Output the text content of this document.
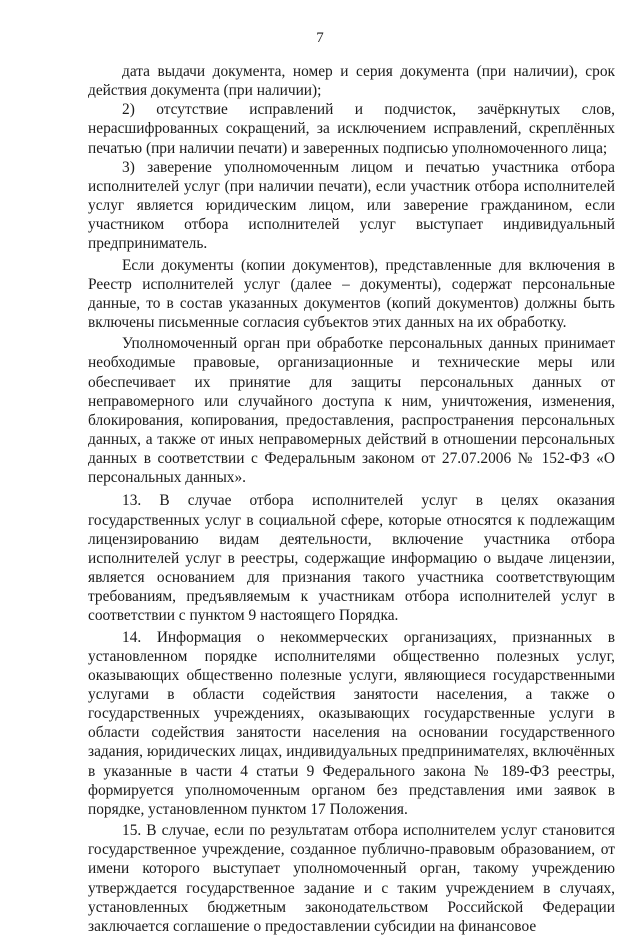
7

дата выдачи документа, номер и серия документа (при наличии), срок действия документа (при наличии);

2) отсутствие исправлений и подчисток, зачёркнутых слов, нерасшифрованных сокращений, за исключением исправлений, скреплённых печатью (при наличии печати) и заверенных подписью уполномоченного лица;

3) заверение уполномоченным лицом и печатью участника отбора исполнителей услуг (при наличии печати), если участник отбора исполнителей услуг является юридическим лицом, или заверение гражданином, если участником отбора исполнителей услуг выступает индивидуальный предприниматель.

Если документы (копии документов), представленные для включения в Реестр исполнителей услуг (далее – документы), содержат персональные данные, то в состав указанных документов (копий документов) должны быть включены письменные согласия субъектов этих данных на их обработку.

Уполномоченный орган при обработке персональных данных принимает необходимые правовые, организационные и технические меры или обеспечивает их принятие для защиты персональных данных от неправомерного или случайного доступа к ним, уничтожения, изменения, блокирования, копирования, предоставления, распространения персональных данных, а также от иных неправомерных действий в отношении персональных данных в соответствии с Федеральным законом от 27.07.2006 № 152-ФЗ «О персональных данных».

13. В случае отбора исполнителей услуг в целях оказания государственных услуг в социальной сфере, которые относятся к подлежащим лицензированию видам деятельности, включение участника отбора исполнителей услуг в реестры, содержащие информацию о выдаче лицензии, является основанием для признания такого участника соответствующим требованиям, предъявляемым к участникам отбора исполнителей услуг в соответствии с пунктом 9 настоящего Порядка.

14. Информация о некоммерческих организациях, признанных в установленном порядке исполнителями общественно полезных услуг, оказывающих общественно полезные услуги, являющиеся государственными услугами в области содействия занятости населения, а также о государственных учреждениях, оказывающих государственные услуги в области содействия занятости населения на основании государственного задания, юридических лицах, индивидуальных предпринимателях, включённых в указанные в части 4 статьи 9 Федерального закона № 189-ФЗ реестры, формируется уполномоченным органом без представления ими заявок в порядке, установленном пунктом 17 Положения.

15. В случае, если по результатам отбора исполнителем услуг становится государственное учреждение, созданное публично-правовым образованием, от имени которого выступает уполномоченный орган, такому учреждению утверждается государственное задание и с таким учреждением в случаях, установленных бюджетным законодательством Российской Федерации заключается соглашение о предоставлении субсидии на финансовое
